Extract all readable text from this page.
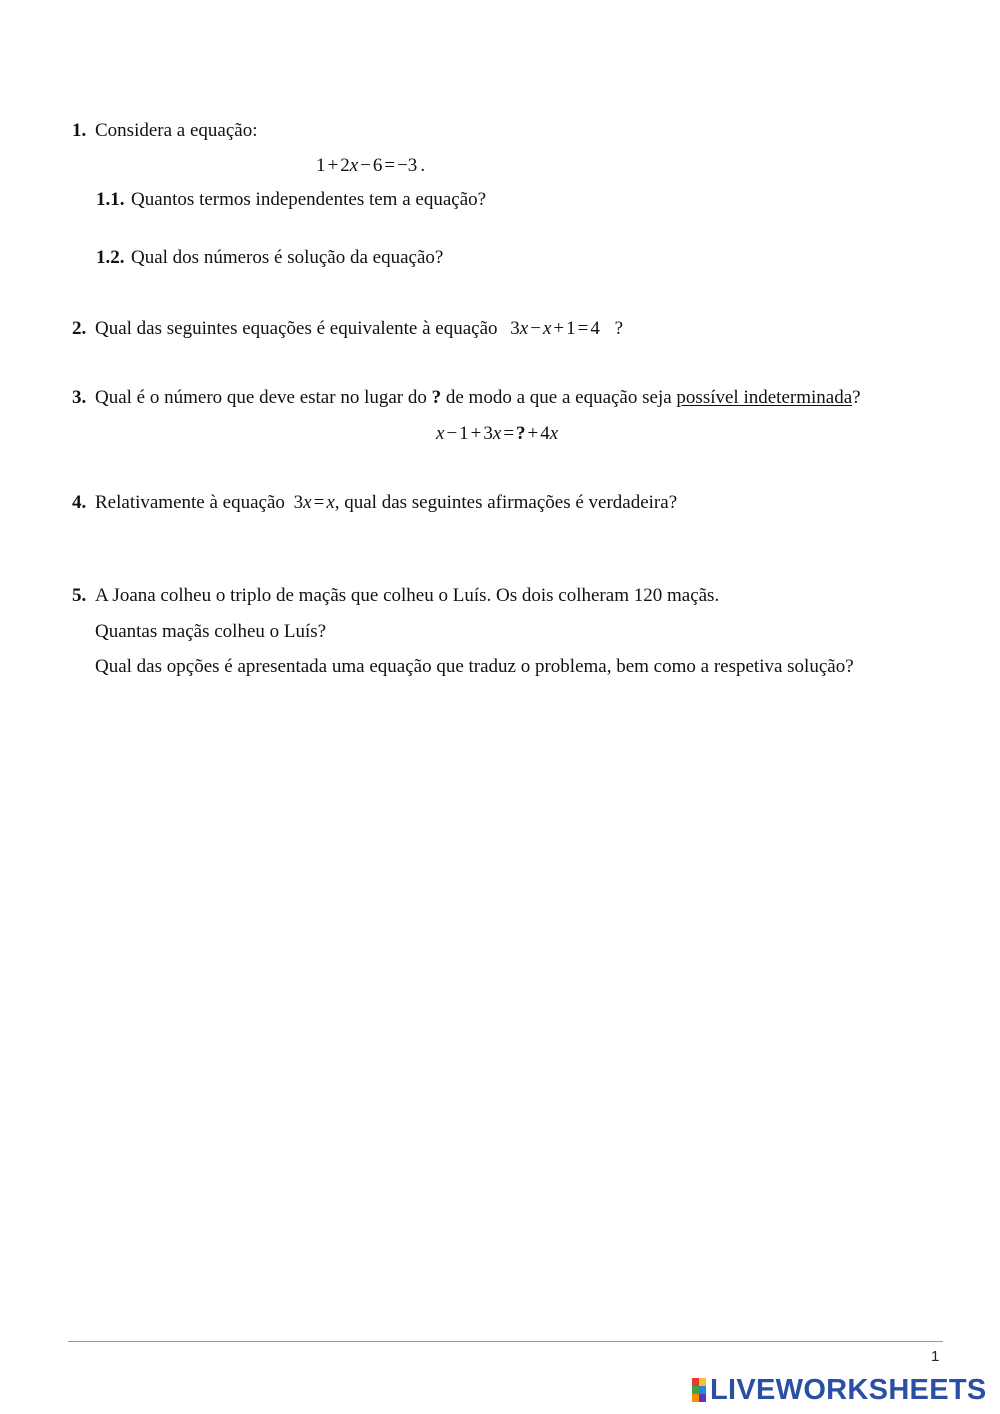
1. Considera a equação:
1 + 2x − 6 = −3 .
1.1. Quantos termos independentes tem a equação?
1.2. Qual dos números é solução da equação?
2. Qual das seguintes equações é equivalente à equação 3x − x + 1 = 4 ?
3. Qual é o número que deve estar no lugar do ? de modo a que a equação seja possível indeterminada?
x − 1 + 3x = ? + 4x
4. Relativamente à equação 3x = x, qual das seguintes afirmações é verdadeira?
5. A Joana colheu o triplo de maçãs que colheu o Luís. Os dois colheram 120 maçãs.
Quantas maçãs colheu o Luís?
Qual das opções é apresentada uma equação que traduz o problema, bem como a respetiva solução?
1
LIVEWORKSHEETS
